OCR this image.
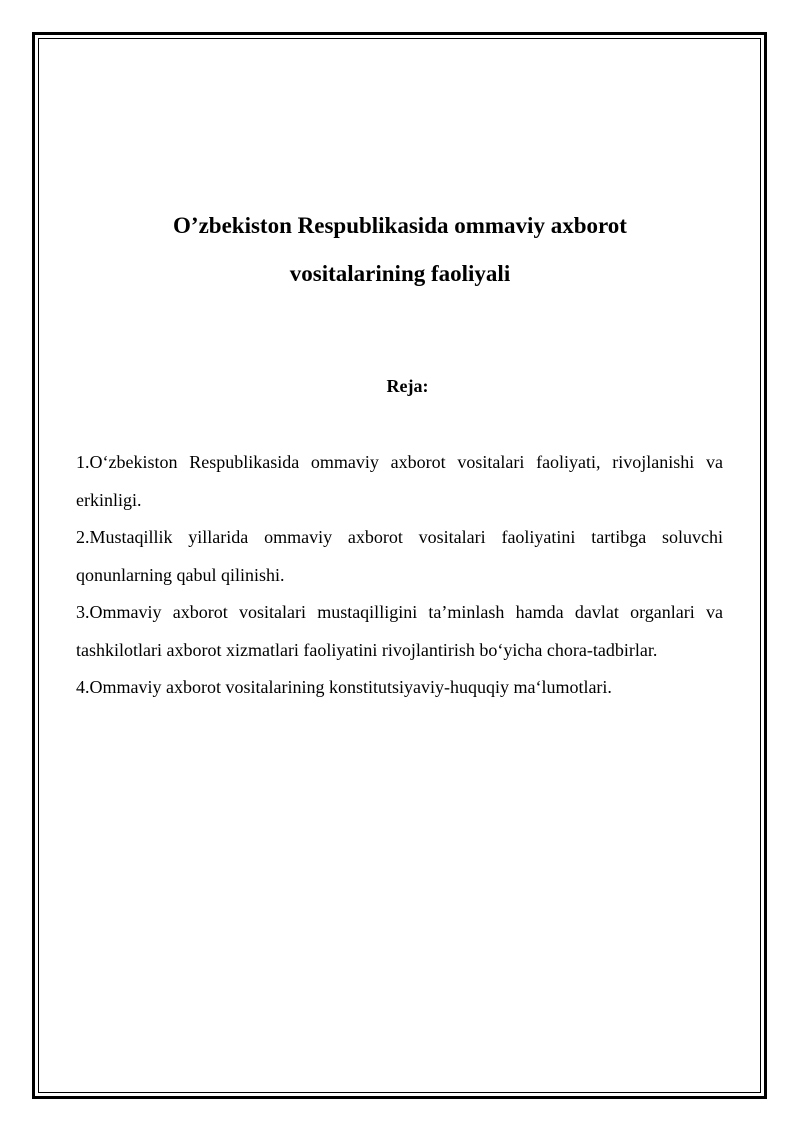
O’zbekiston Respublikasida ommaviy axborot
vositalarining faoliyali
Reja:
1.O‘zbekiston Respublikasida ommaviy axborot vositalari faoliyati, rivojlanishi va erkinligi.
2.Mustaqillik yillarida ommaviy axborot vositalari faoliyatini tartibga soluvchi qonunlarning qabul qilinishi.
3.Ommaviy axborot vositalari mustaqilligini ta’minlash hamda davlat organlari va tashkilotlari axborot xizmatlari faoliyatini rivojlantirish bo‘yicha chora-tadbirlar.
4.Ommaviy axborot vositalarining konstitutsiyaviy-huquqiy ma‘lumotlari.
